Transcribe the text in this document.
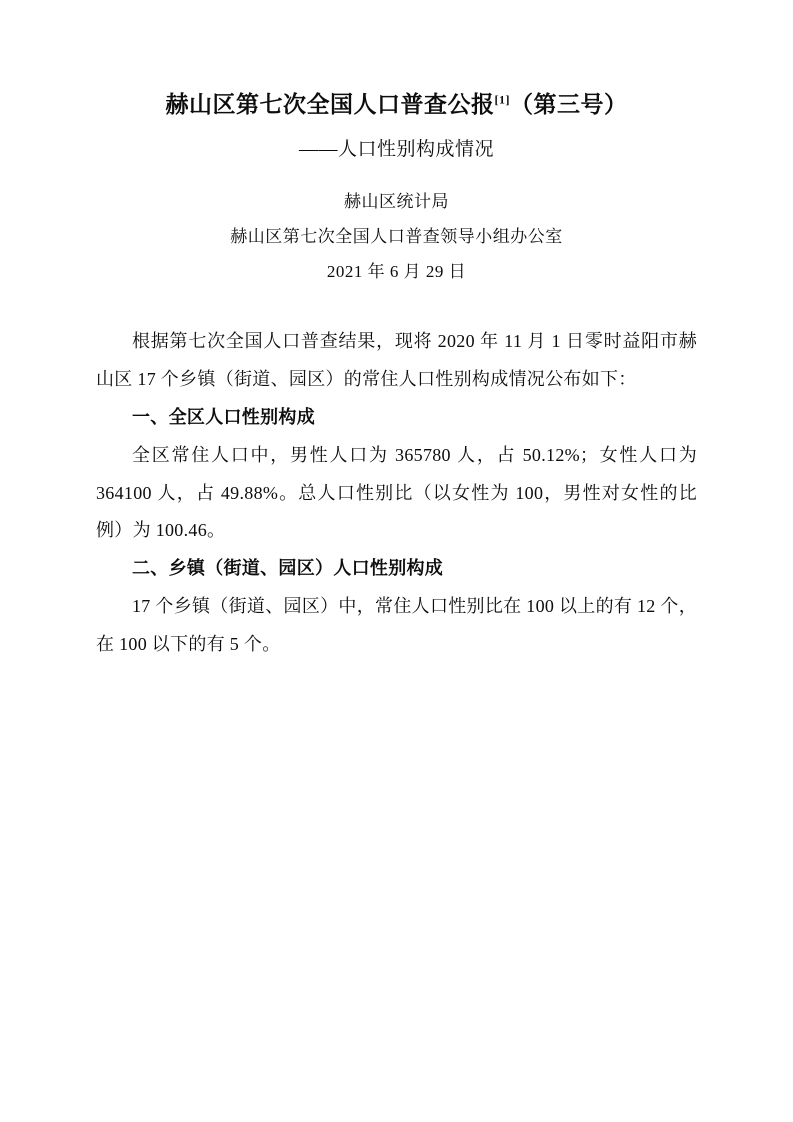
赫山区第七次全国人口普查公报[1]（第三号）
——人口性别构成情况
赫山区统计局
赫山区第七次全国人口普查领导小组办公室
2021 年 6 月 29 日

根据第七次全国人口普查结果，现将 2020 年 11 月 1 日零时益阳市赫山区 17 个乡镇（街道、园区）的常住人口性别构成情况公布如下：

一、全区人口性别构成

全区常住人口中，男性人口为 365780 人，占 50.12%；女性人口为 364100 人，占 49.88%。总人口性别比（以女性为 100，男性对女性的比例）为 100.46。

二、乡镇（街道、园区）人口性别构成

17 个乡镇（街道、园区）中，常住人口性别比在 100 以上的有 12 个，在 100 以下的有 5 个。
